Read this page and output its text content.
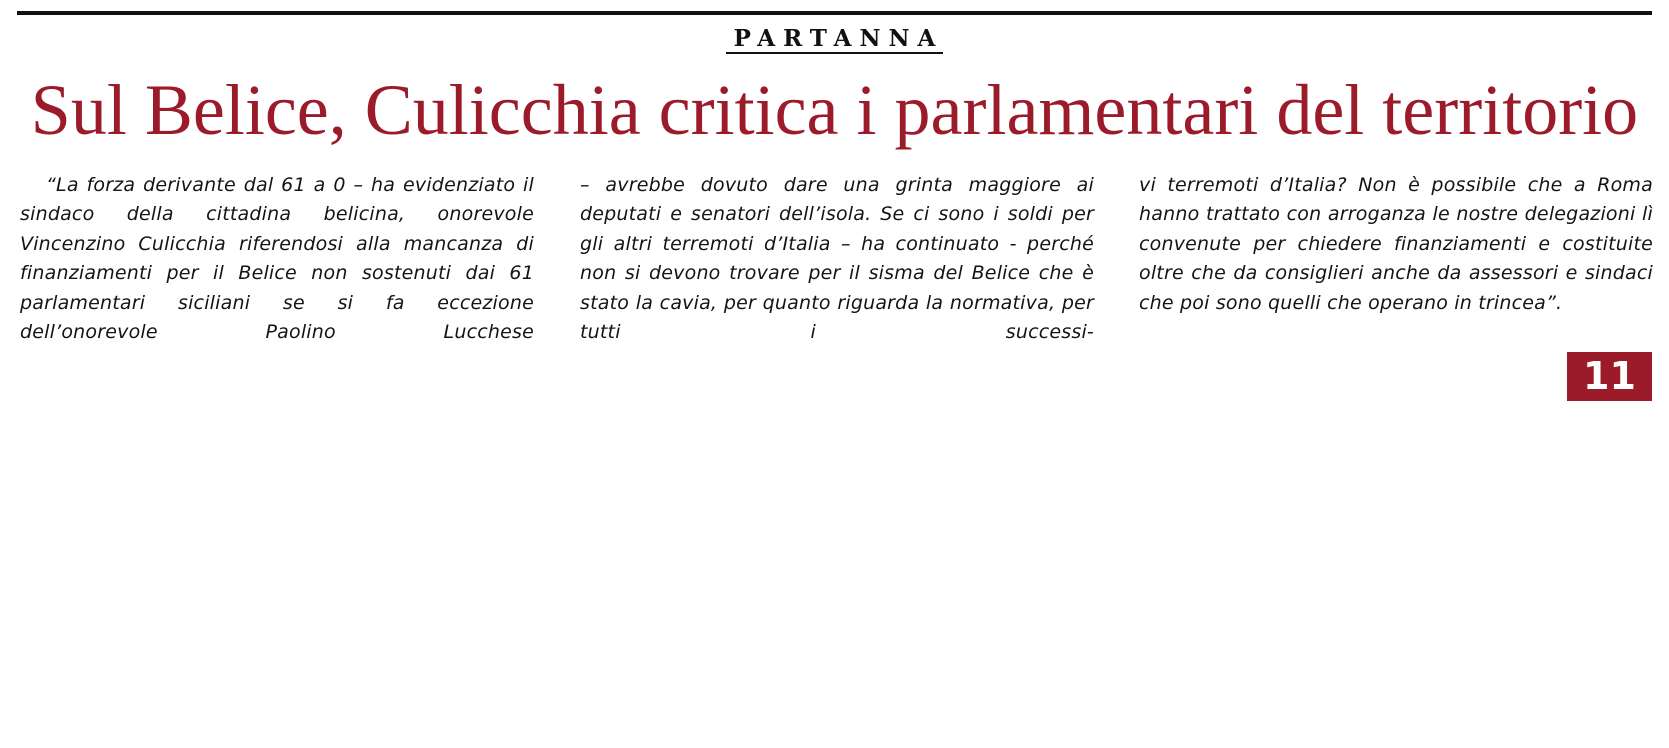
PARTANNA
Sul Belice, Culicchia critica i parlamentari del territorio

“La forza derivante dal 61 a 0 – ha evidenziato il sindaco della cittadina belicina, onorevole Vincenzino Culicchia riferendosi alla mancanza di finanziamenti per il Belice non sostenuti dai 61 parlamentari siciliani se si fa eccezione dell’onorevole Paolino Lucchese

– avrebbe dovuto dare una grinta maggiore ai deputati e senatori dell’isola. Se ci sono i soldi per gli altri terremoti d’Italia – ha continuato - perché non si devono trovare per il sisma del Belice che è stato la cavia, per quanto riguarda la normativa, per tutti i successi-

vi terremoti d’Italia? Non è possibile che a Roma hanno trattato con arroganza le nostre delegazioni lì convenute per chiedere finanziamenti e costituite oltre che da consiglieri anche da assessori e sindaci che poi sono quelli che operano in trincea”.

11
